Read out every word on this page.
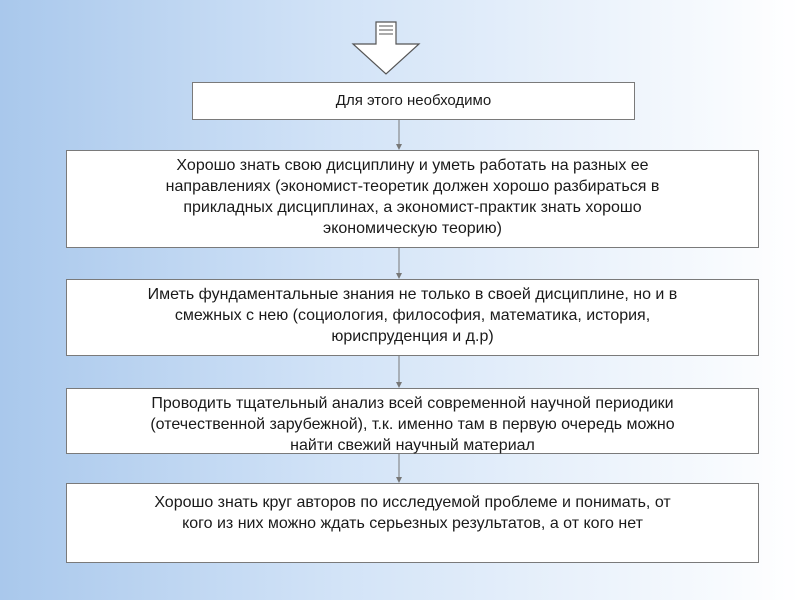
Для этого необходимо
Хорошо знать свою дисциплину и уметь работать на разных ее
направлениях (экономист-теоретик должен хорошо разбираться в
прикладных дисциплинах, а экономист-практик знать хорошо
экономическую теорию)
Иметь фундаментальные знания не только в своей дисциплине, но и в
смежных с нею (социология, философия, математика, история,
юриспруденция и д.р)
Проводить тщательный анализ всей современной научной периодики
(отечественной зарубежной), т.к. именно там в первую очередь можно
найти свежий научный материал
Хорошо знать круг авторов по исследуемой проблеме и понимать, от
кого из них можно ждать серьезных результатов, а от кого нет
